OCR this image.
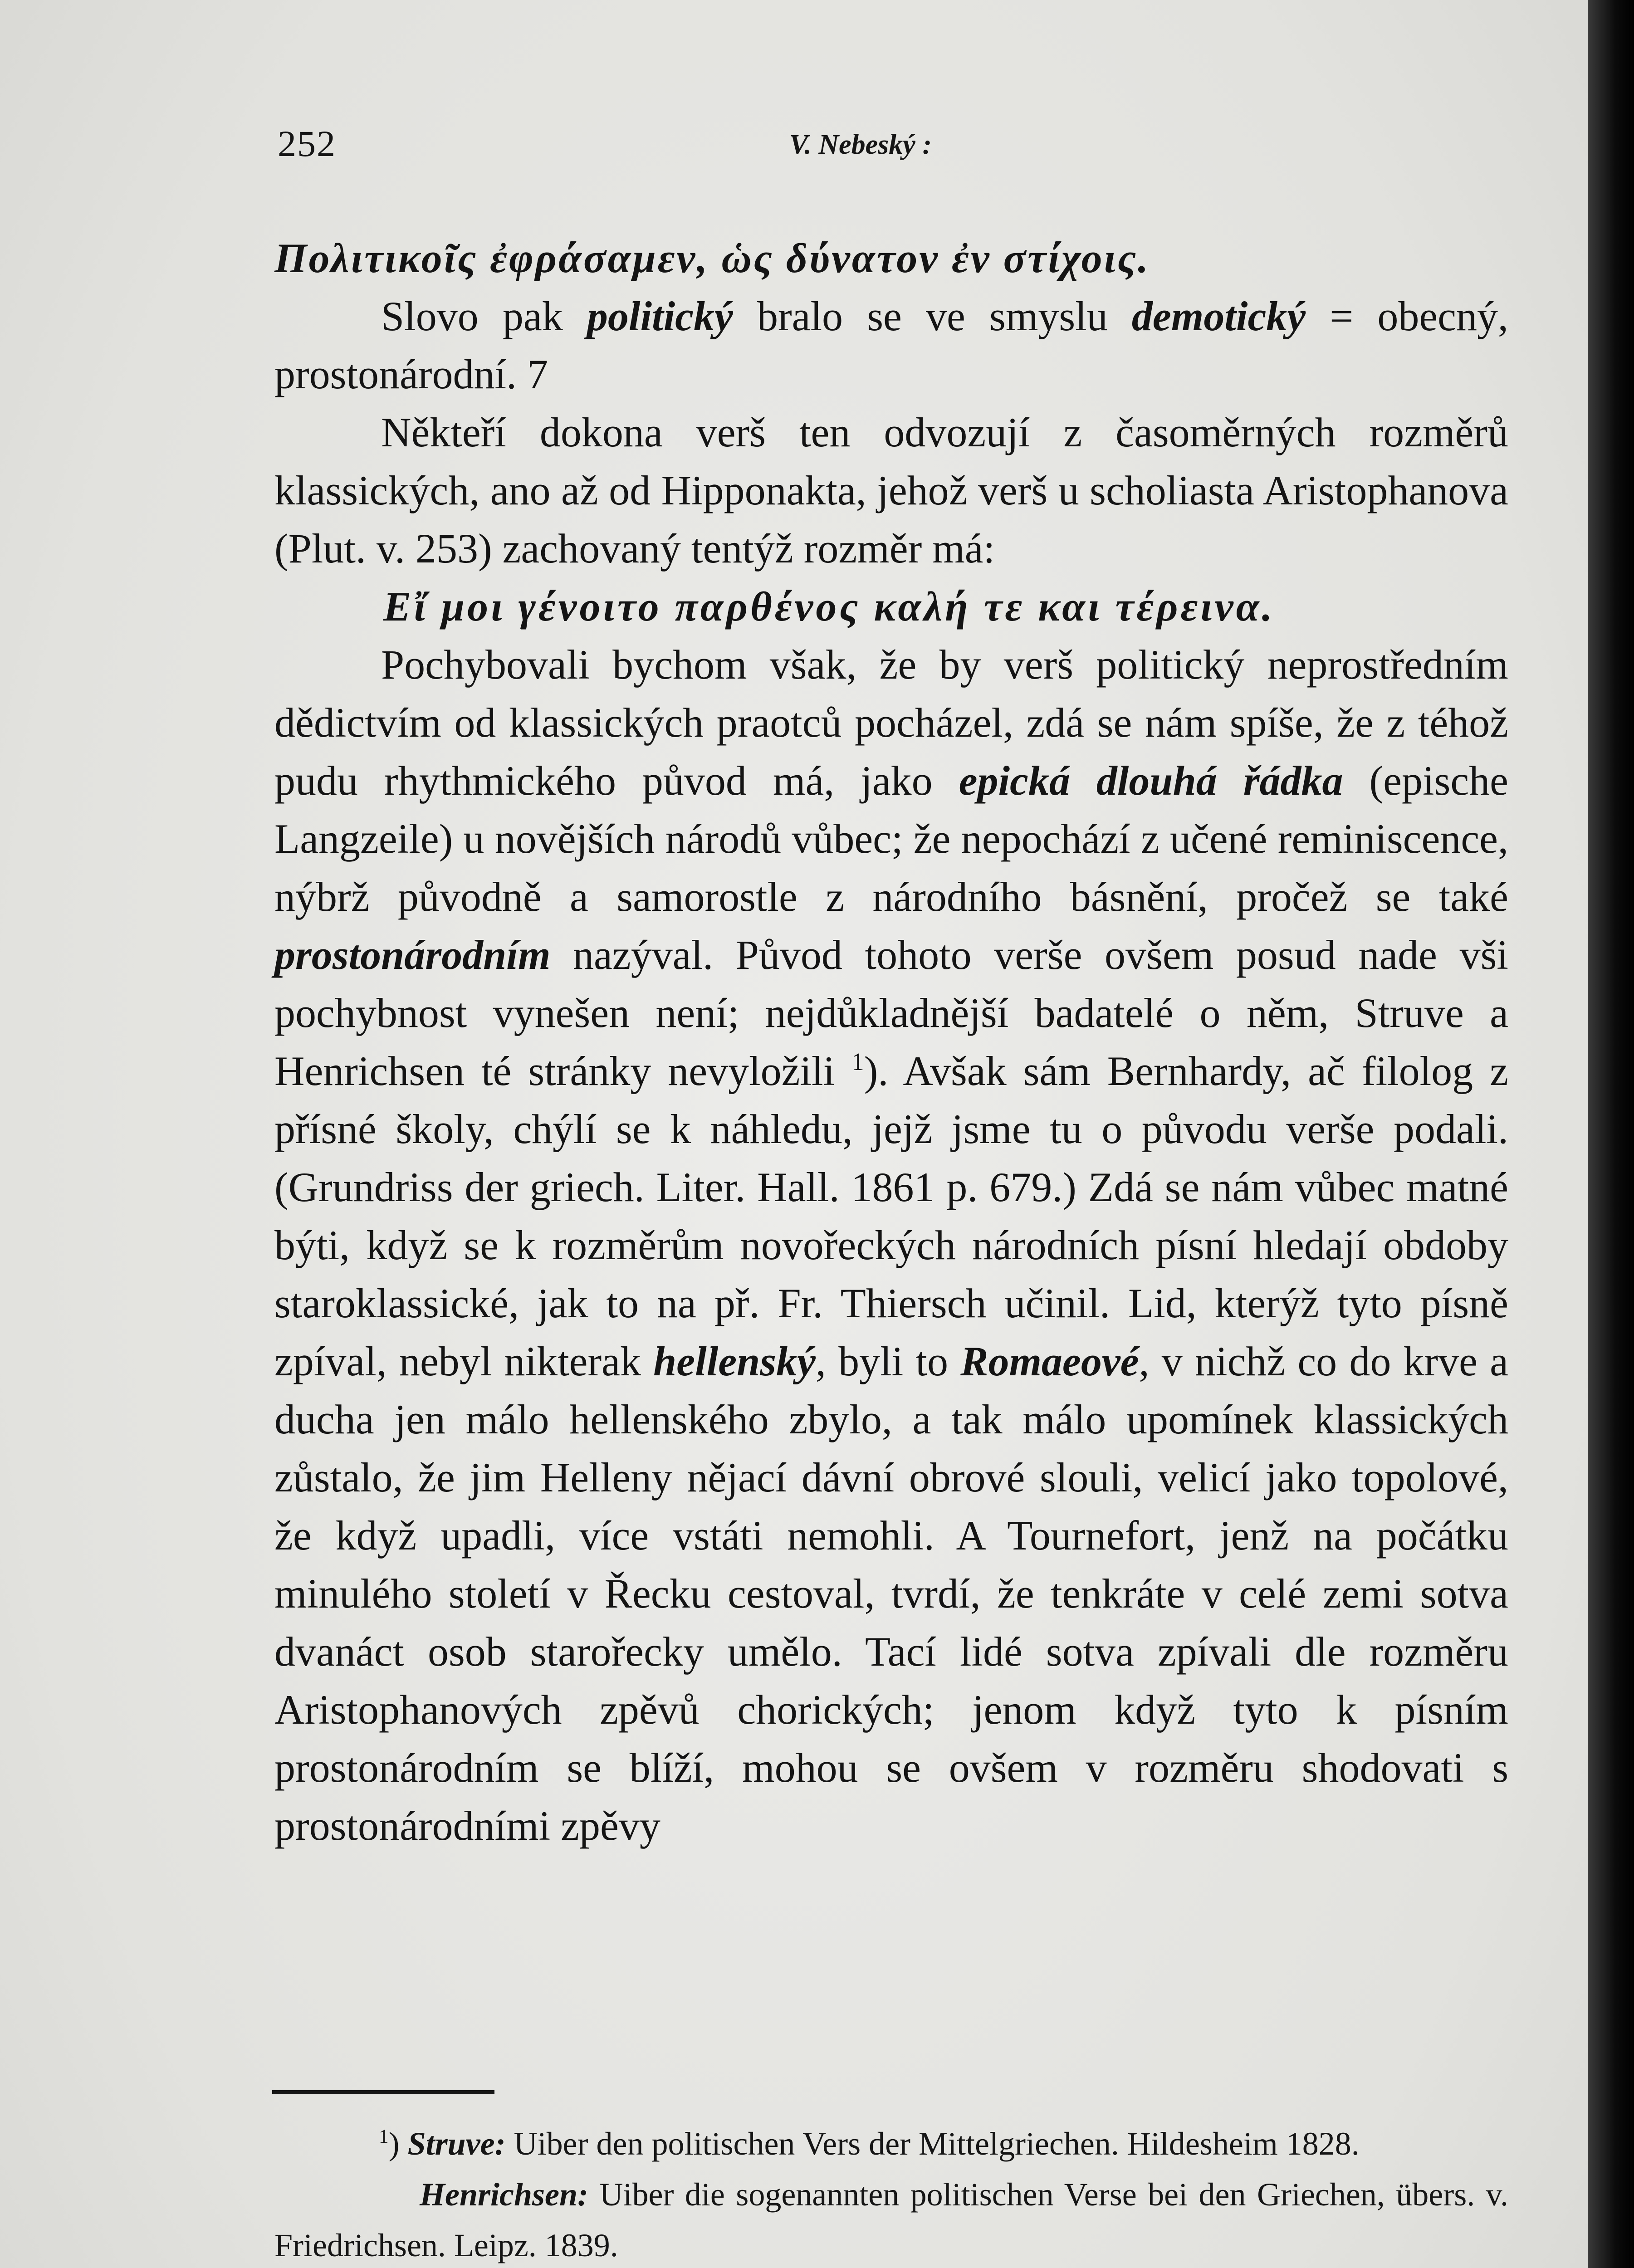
252	V. Nebeský :

Πολιτικοῖς ἐφράσαμεν, ὡς δύνατον ἐν στίχοις.

Slovo pak politický bralo se ve smyslu demotický = obecný, prostonárodní. 7

Někteří dokona verš ten odvozují z časoměrných rozměrů klassických, ano až od Hipponakta, jehož verš u scholiasta Aristophanova (Plut. v. 253) zachovaný tentýž rozměr má:

Εἴ μοι γένοιτο παρθένος καλή τε και τέρεινα.

Pochybovali bychom však, že by verš politický neprostředním dědictvím od klassických praotců pocházel, zdá se nám spíše, že z téhož pudu rhythmického původ má, jako epická dlouhá řádka (epische Langzeile) u novějších národů vůbec; že nepochází z učené reminiscence, nýbrž původně a samorostle z národního básnění, pročež se také prostonárodním nazýval. Původ tohoto verše ovšem posud nade vši pochybnost vynešen není; nejdůkladnější badatelé o něm, Struve a Henrichsen té stránky nevyložili $^1$). Avšak sám Bernhardy, ač filolog z přísné školy, chýlí se k náhledu, jejž jsme tu o původu verše podali. (Grundriss der griech. Liter. Hall. 1861 p. 679.) Zdá se nám vůbec matné býti, když se k rozměrům novořeckých národních písní hledají obdoby staroklassické, jak to na př. Fr. Thiersch učinil. Lid, kterýž tyto písně zpíval, nebyl nikterak hellenský, byli to Romaeové, v nichž co do krve a ducha jen málo hellenského zbylo, a tak málo upomínek klassických zůstalo, že jim Helleny nějací dávní obrové slouli, velicí jako topolové, že když upadli, více vstáti nemohli. A Tournefort, jenž na počátku minulého století v Řecku cestoval, tvrdí, že tenkráte v celé zemi sotva dvanáct osob starořecky umělo. Tací lidé sotva zpívali dle rozměru Aristophanových zpěvů chorických; jenom když tyto k písním prostonárodním se blíží, mohou se ovšem v rozměru shodovati s prostonárodními zpěvy

$^1$) Struve: Uiber den politischen Vers der Mittelgriechen. Hildesheim 1828.

Henrichsen: Uiber die sogenannten politischen Verse bei den Griechen, übers. v. Friedrichsen. Leipz. 1839.
